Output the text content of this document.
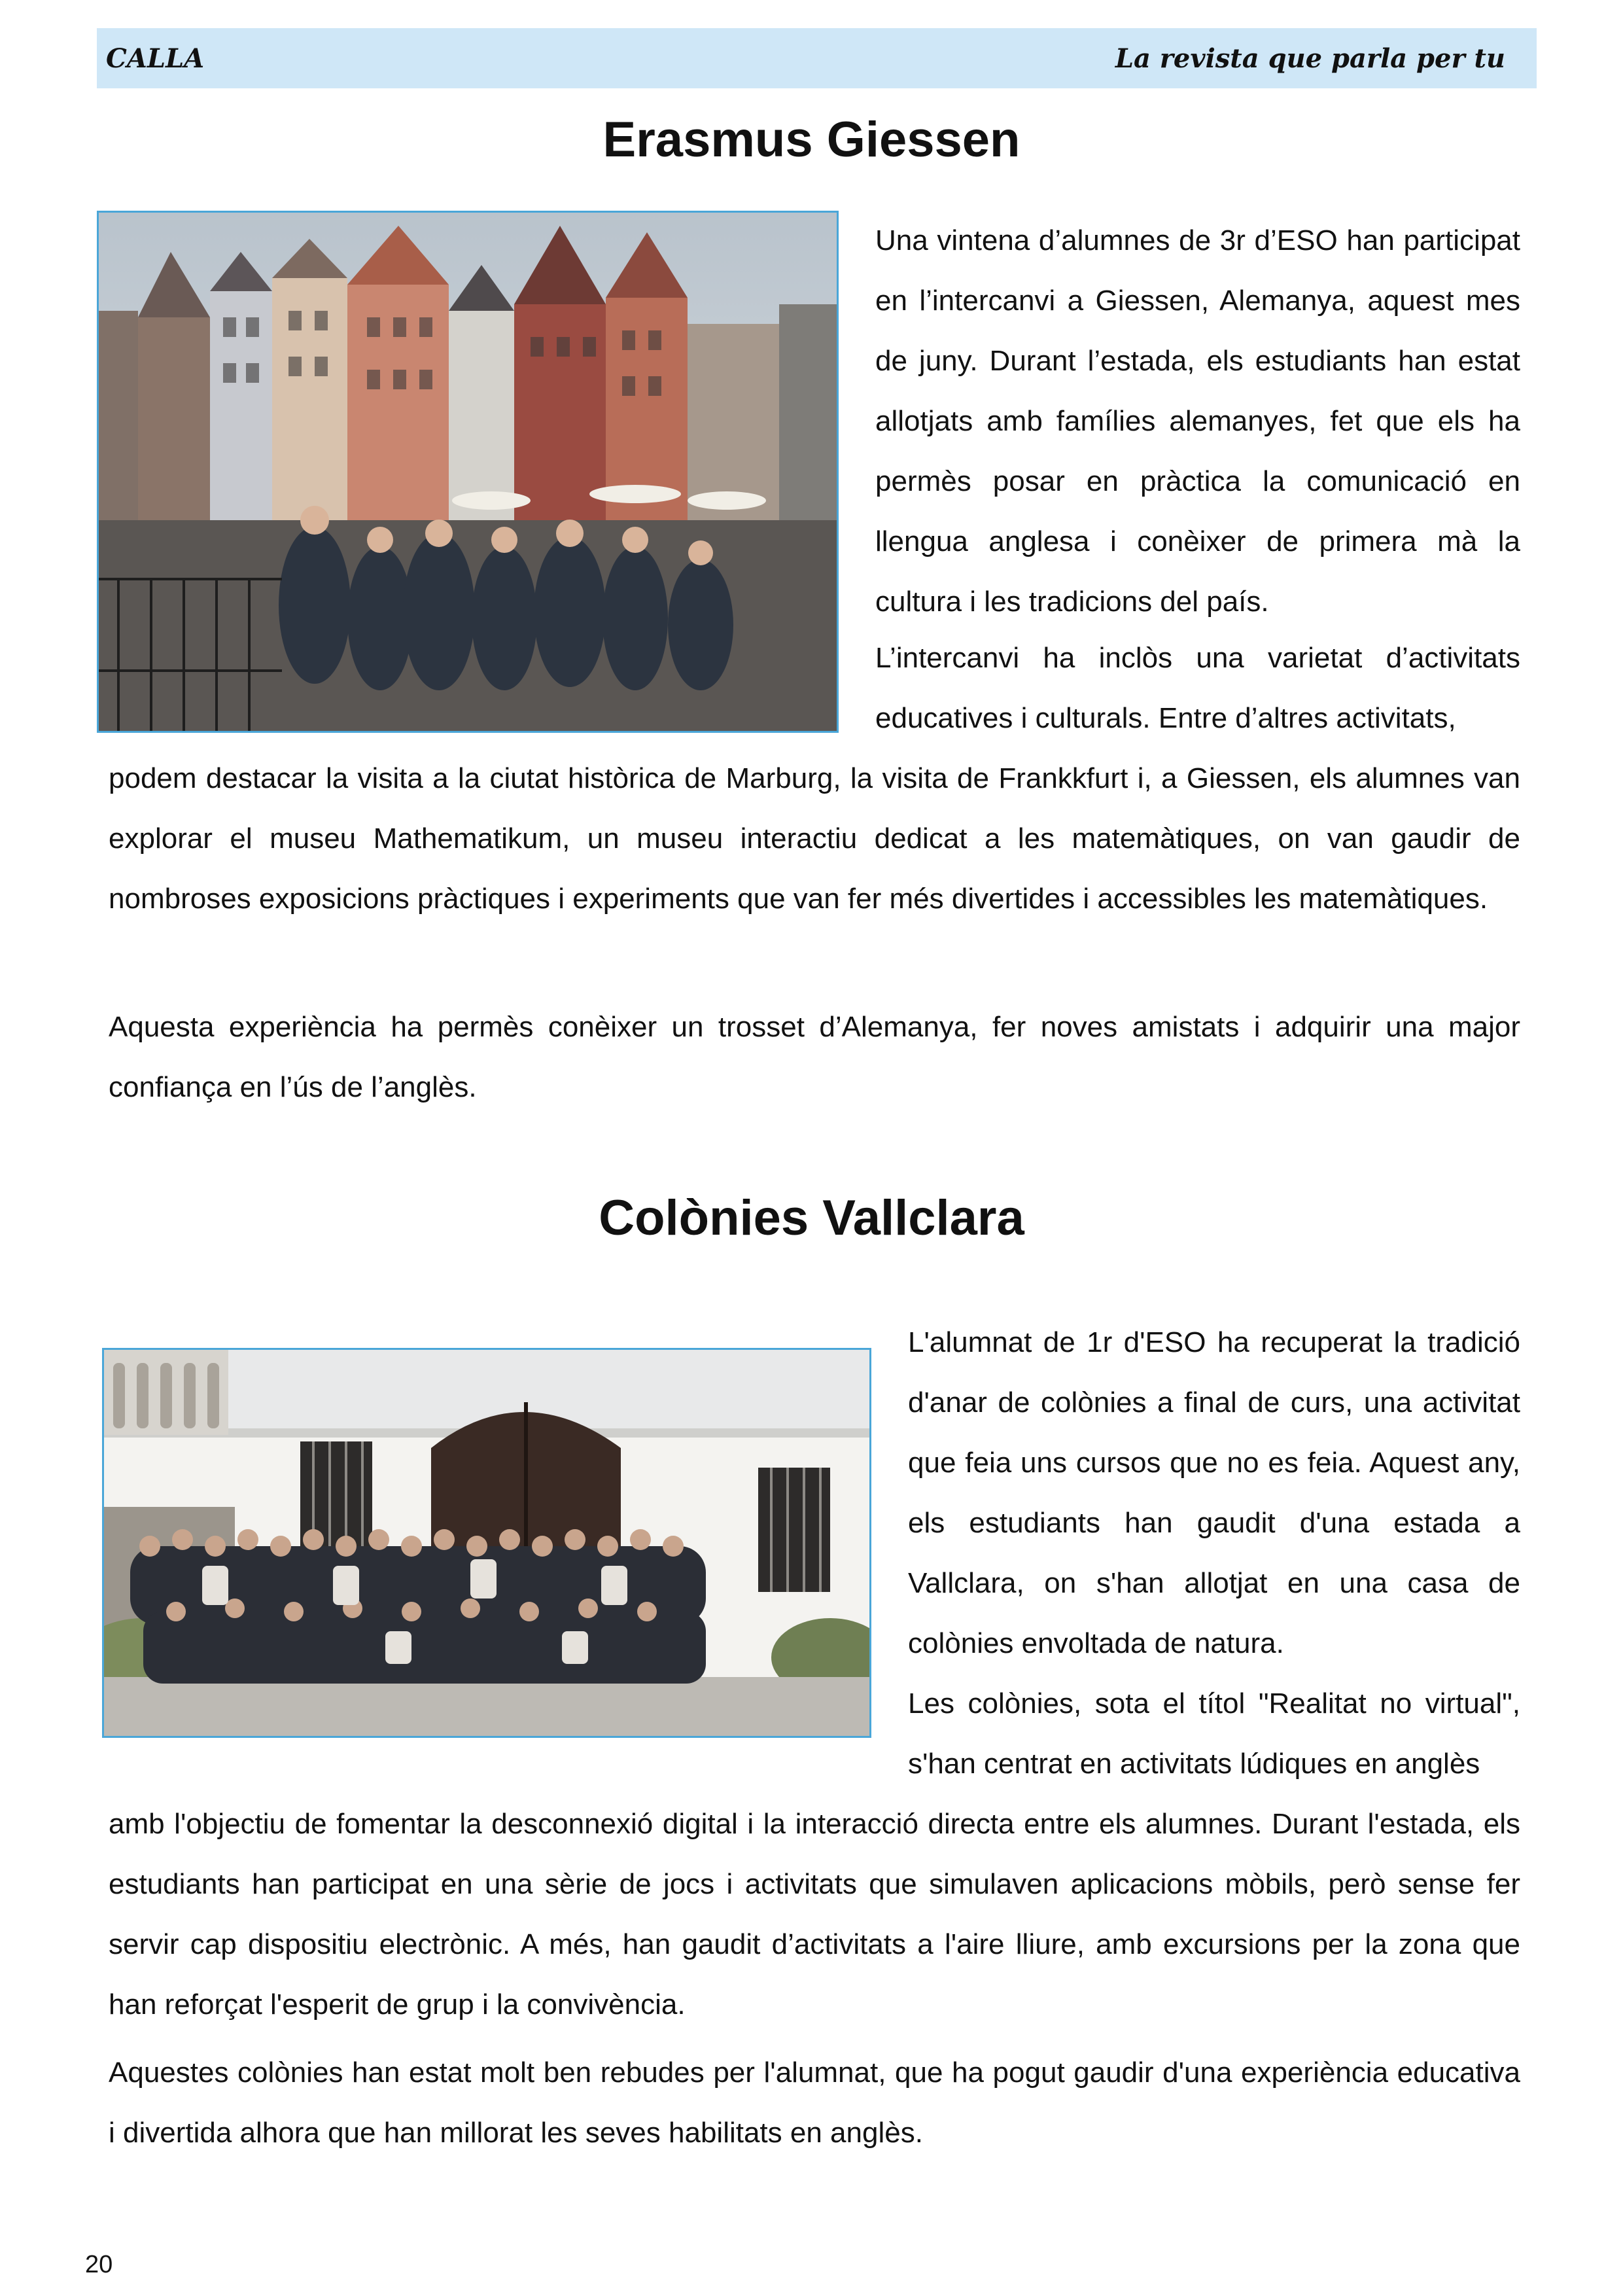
CALLA	La revista que parla per tu
Erasmus Giessen

Una vintena d’alumnes de 3r d’ESO han participat en l’intercanvi a Giessen, Alemanya, aquest mes de juny. Durant l’estada, els estudiants han estat allotjats amb famílies alemanyes, fet que els ha permès posar en pràctica la comunicació en llengua anglesa i conèixer de primera mà la cultura i les tradicions del país.

L’intercanvi ha inclòs una varietat d’activitats educatives i culturals. Entre d’altres activitats,

podem destacar la visita a la ciutat històrica de Marburg, la visita de Frankkfurt i, a Giessen, els alumnes van explorar el museu Mathematikum, un museu interactiu dedicat a les matemàtiques, on van gaudir de nombroses exposicions pràctiques i experiments que van fer més divertides i accessibles les matemàtiques.

Aquesta experiència ha permès conèixer un trosset d’Alemanya, fer noves amistats i adquirir una major confiança en l’ús de l’anglès.

Colònies Vallclara

L'alumnat de 1r d'ESO ha recuperat la tradició d'anar de colònies a final de curs, una activitat que feia uns cursos que no es feia. Aquest any, els estudiants han gaudit d'una estada a Vallclara, on s'han allotjat en una casa de colònies envoltada de natura.

Les colònies, sota el títol "Realitat no virtual", s'han centrat en activitats lúdiques en anglès

amb l'objectiu de fomentar la desconnexió digital i la interacció directa entre els alumnes. Durant l'estada, els estudiants han participat en una sèrie de jocs i activitats que simulaven aplicacions mòbils, però sense fer servir cap dispositiu electrònic. A més, han gaudit d’activitats a l'aire lliure, amb excursions per la zona que han reforçat l'esperit de grup i la convivència.

Aquestes colònies han estat molt ben rebudes per l'alumnat, que ha pogut gaudir d'una experiència educativa i divertida alhora que han millorat les seves habilitats en anglès.

20
